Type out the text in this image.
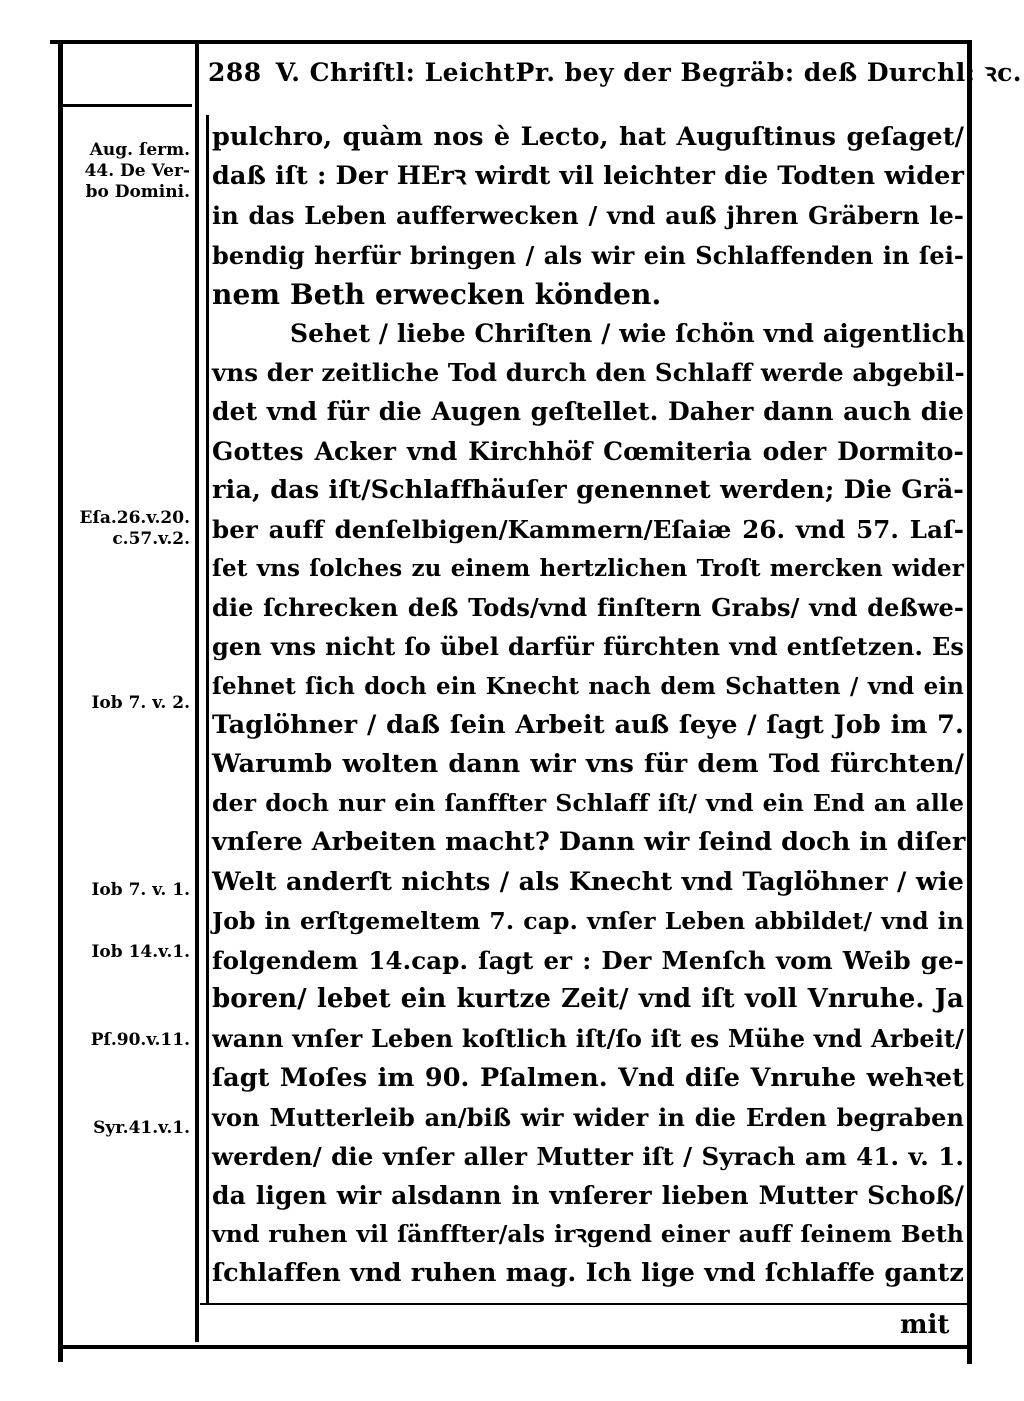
288 V. Chriſtl: LeichtPr. bey der Begräb: deß Durchl: ꝛc.
Aug. ſerm.
44. De Ver-
bo Domini.
Eſa.26.v.20.
c.57.v.2.
Iob 7. v. 2.
Iob 7. v. 1.
Iob 14.v.1.
Pſ.90.v.11.
Syr.41.v.1.
pulchro, quàm nos è Lecto, hat Auguſtinus geſaget/
daß iſt : Der HErꝛ wirdt vil leichter die Todten wider
in das Leben aufferwecken / vnd auß jhren Gräbern le-
bendig herfür bringen / als wir ein Schlaffenden in ſei-
nem Beth erwecken könden.
Sehet / liebe Chriſten / wie ſchön vnd aigentlich
vns der zeitliche Tod durch den Schlaff werde abgebil-
det vnd für die Augen geſtellet. Daher dann auch die
Gottes Acker vnd Kirchhöf Cœmiteria oder Dormito-
ria, das iſt/Schlaffhäuſer genennet werden; Die Grä-
ber auff denſelbigen/Kammern/Eſaiæ 26. vnd 57. Laſ-
ſet vns ſolches zu einem hertzlichen Troſt mercken wider
die ſchrecken deß Tods/vnd finſtern Grabs/ vnd deßwe-
gen vns nicht ſo übel darfür fürchten vnd entſetzen. Es
ſehnet ſich doch ein Knecht nach dem Schatten / vnd ein
Taglöhner / daß ſein Arbeit auß ſeye / ſagt Job im 7.
Warumb wolten dann wir vns für dem Tod fürchten/
der doch nur ein ſanffter Schlaff iſt/ vnd ein End an alle
vnſere Arbeiten macht? Dann wir ſeind doch in diſer
Welt anderſt nichts / als Knecht vnd Taglöhner / wie
Job in erſtgemeltem 7. cap. vnſer Leben abbildet/ vnd in
folgendem 14.cap. ſagt er : Der Menſch vom Weib ge-
boren/ lebet ein kurtze Zeit/ vnd iſt voll Vnruhe. Ja
wann vnſer Leben koſtlich iſt/ſo iſt es Mühe vnd Arbeit/
ſagt Moſes im 90. Pſalmen. Vnd diſe Vnruhe wehꝛet
von Mutterleib an/biß wir wider in die Erden begraben
werden/ die vnſer aller Mutter iſt / Syrach am 41. v. 1.
da ligen wir alsdann in vnſerer lieben Mutter Schoß/
vnd ruhen vil ſänffter/als irꝛgend einer auff ſeinem Beth
ſchlaffen vnd ruhen mag. Ich lige vnd ſchlaffe gantz
mit
